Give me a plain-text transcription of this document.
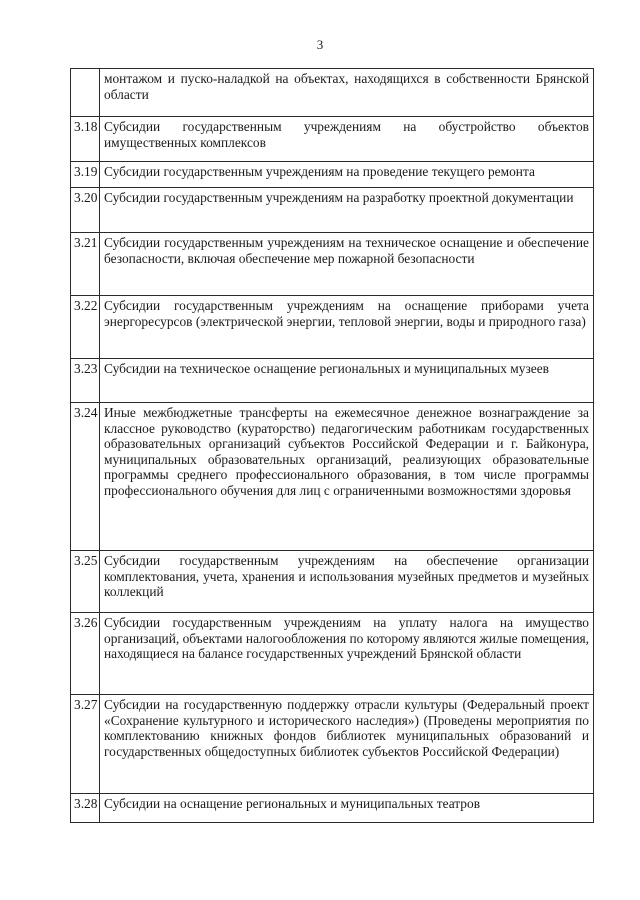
3
	монтажом и пуско-наладкой на объектах, находящихся в собственности Брянской области
3.18	Субсидии государственным учреждениям на обустройство объектов имущественных комплексов
3.19	Субсидии государственным учреждениям на проведение текущего ремонта
3.20	Субсидии государственным учреждениям на разработку проектной документации
3.21	Субсидии государственным учреждениям на техническое оснащение и обеспечение безопасности, включая обеспечение мер пожарной безопасности
3.22	Субсидии государственным учреждениям на оснащение приборами учета энергоресурсов (электрической энергии, тепловой энергии, воды и природного газа)
3.23	Субсидии на техническое оснащение региональных и муниципальных музеев
3.24	Иные межбюджетные трансферты на ежемесячное денежное вознаграждение за классное руководство (кураторство) педагогическим работникам государственных образовательных организаций субъектов Российской Федерации и г. Байконура, муниципальных образовательных организаций, реализующих образовательные программы среднего профессионального образования, в том числе программы профессионального обучения для лиц с ограниченными возможностями здоровья
3.25	Субсидии государственным учреждениям на обеспечение организации комплектования, учета, хранения и использования музейных предметов и музейных коллекций
3.26	Субсидии государственным учреждениям на уплату налога на имущество организаций, объектами налогообложения по которому являются жилые помещения, находящиеся на балансе государственных учреждений Брянской области
3.27	Субсидии на государственную поддержку отрасли культуры (Федеральный проект «Сохранение культурного и исторического наследия») (Проведены мероприятия по комплектованию книжных фондов библиотек муниципальных образований и государственных общедоступных библиотек субъектов Российской Федерации)
3.28	Субсидии на оснащение региональных и муниципальных театров
